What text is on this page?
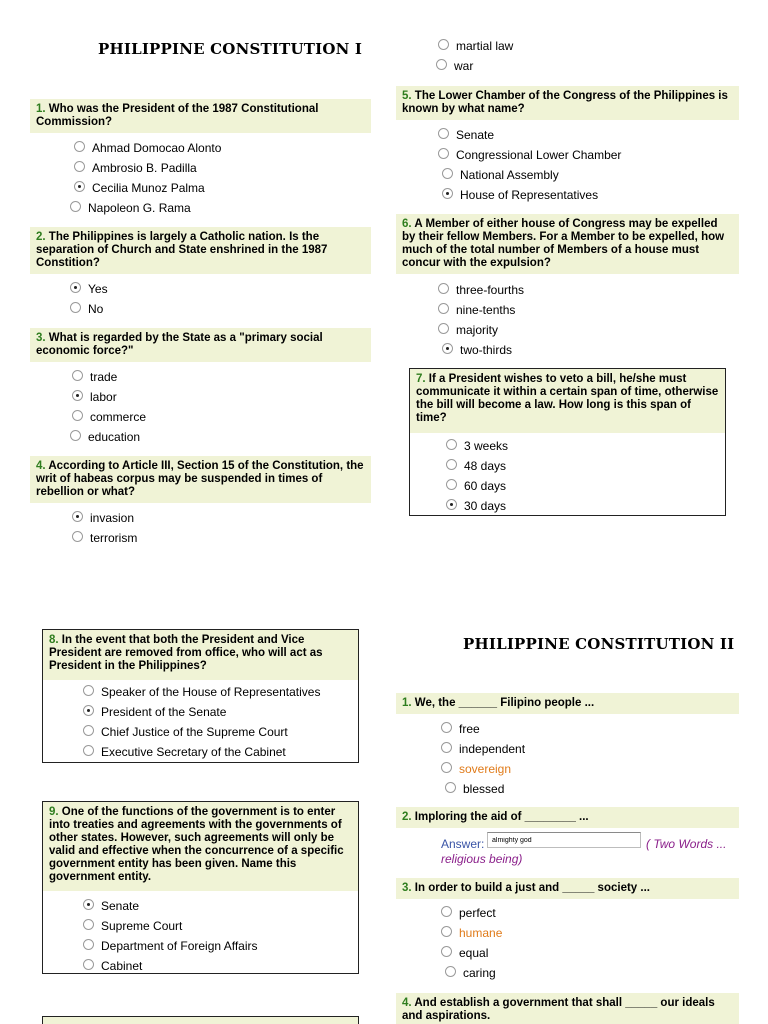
PHILIPPINE CONSTITUTION I
1. Who was the President of the 1987 Constitutional Commission?
Ahmad Domocao Alonto
Ambrosio B. Padilla
Cecilia Munoz Palma
Napoleon G. Rama
2. The Philippines is largely a Catholic nation. Is the separation of Church and State enshrined in the 1987 Constition?
Yes
No
3. What is regarded by the State as a "primary social economic force?"
trade
labor
commerce
education
4. According to Article III, Section 15 of the Constitution, the writ of habeas corpus may be suspended in times of rebellion or what?
invasion
terrorism
martial law
war
5. The Lower Chamber of the Congress of the Philippines is known by what name?
Senate
Congressional Lower Chamber
National Assembly
House of Representatives
6. A Member of either house of Congress may be expelled by their fellow Members. For a Member to be expelled, how much of the total number of Members of a house must concur with the expulsion?
three-fourths
nine-tenths
majority
two-thirds
7. If a President wishes to veto a bill, he/she must communicate it within a certain span of time, otherwise the bill will become a law. How long is this span of time?
3 weeks
48 days
60 days
30 days
8. In the event that both the President and Vice President are removed from office, who will act as President in the Philippines?
Speaker of the House of Representatives
President of the Senate
Chief Justice of the Supreme Court
Executive Secretary of the Cabinet
9. One of the functions of the government is to enter into treaties and agreements with the governments of other states. However, such agreements will only be valid and effective when the concurrence of a specific government entity has been given. Name this government entity.
Senate
Supreme Court
Department of Foreign Affairs
Cabinet
PHILIPPINE CONSTITUTION II
1. We, the ______ Filipino people ...
free
independent
sovereign
blessed
2. Imploring the aid of ________ ...
Answer:
almighty god	( Two Words ... religious being)
3. In order to build a just and _____ society ...
perfect
humane
equal
caring
4. And establish a government that shall _____ our ideals and aspirations.
